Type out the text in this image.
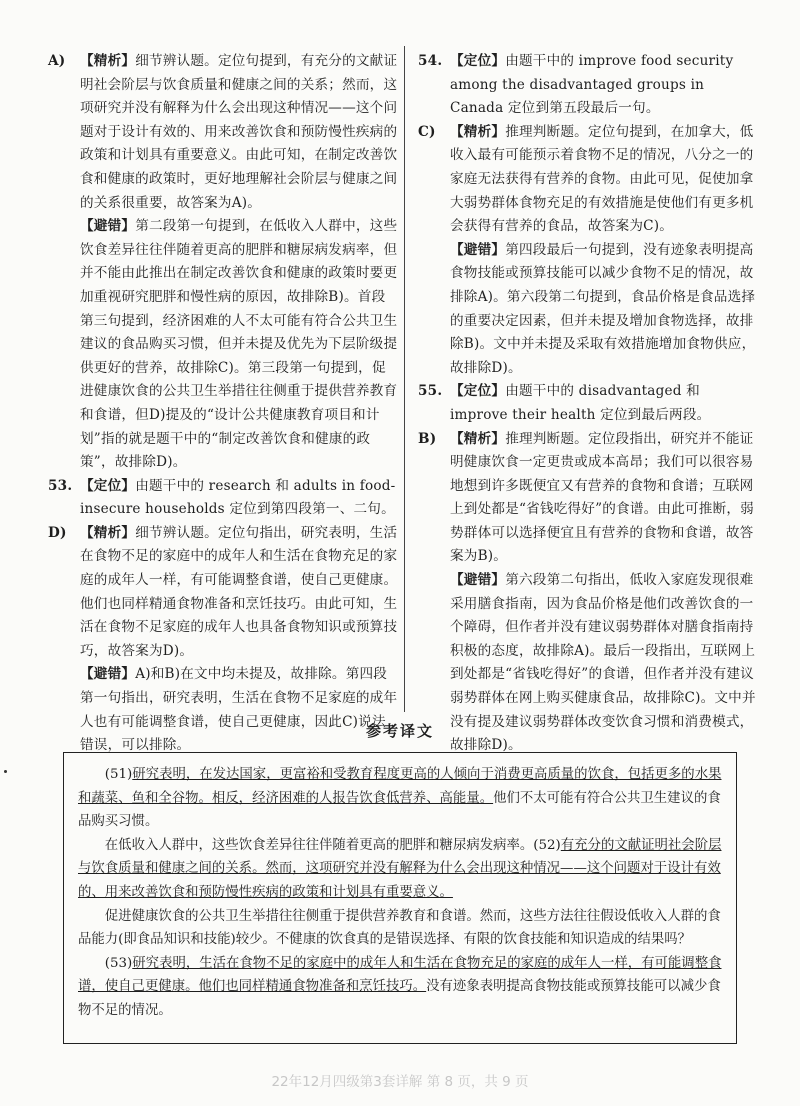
A) 【精析】细节辨认题。定位句提到，有充分的文献证明社会阶层与饮食质量和健康之间的关系；然而，这项研究并没有解释为什么会出现这种情况——这个问题对于设计有效的、用来改善饮食和预防慢性疾病的政策和计划具有重要意义。由此可知，在制定改善饮食和健康的政策时，更好地理解社会阶层与健康之间的关系很重要，故答案为A)。
【避错】第二段第一句提到，在低收入人群中，这些饮食差异往往伴随着更高的肥胖和糖尿病发病率，但并不能由此推出在制定改善饮食和健康的政策时要更加重视研究肥胖和慢性病的原因，故排除B)。首段第三句提到，经济困难的人不太可能有符合公共卫生建议的食品购买习惯，但并未提及优先为下层阶级提供更好的营养，故排除C)。第三段第一句提到，促进健康饮食的公共卫生举措往往侧重于提供营养教育和食谱，但D)提及的“设计公共健康教育项目和计划”指的就是题干中的“制定改善饮食和健康的政策”，故排除D)。
53. 【定位】由题干中的 research 和 adults in food-insecure households 定位到第四段第一、二句。
D) 【精析】细节辨认题。定位句指出，研究表明，生活在食物不足的家庭中的成年人和生活在食物充足的家庭的成年人一样，有可能调整食谱，使自己更健康。他们也同样精通食物准备和烹饪技巧。由此可知，生活在食物不足家庭的成年人也具备食物知识或预算技巧，故答案为D)。
【避错】A)和B)在文中均未提及，故排除。第四段第一句指出，研究表明，生活在食物不足家庭的成年人也有可能调整食谱，使自己更健康，因此C)说法错误，可以排除。
54. 【定位】由题干中的 improve food security among the disadvantaged groups in Canada 定位到第五段最后一句。
C) 【精析】推理判断题。定位句提到，在加拿大，低收入最有可能预示着食物不足的情况，八分之一的家庭无法获得有营养的食物。由此可见，促使加拿大弱势群体食物充足的有效措施是使他们有更多机会获得有营养的食品，故答案为C)。
【避错】第四段最后一句提到，没有迹象表明提高食物技能或预算技能可以减少食物不足的情况，故排除A)。第六段第二句提到，食品价格是食品选择的重要决定因素，但并未提及增加食物选择，故排除B)。文中并未提及采取有效措施增加食物供应，故排除D)。
55. 【定位】由题干中的 disadvantaged 和 improve their health 定位到最后两段。
B) 【精析】推理判断题。定位段指出，研究并不能证明健康饮食一定更贵或成本高昂；我们可以很容易地想到许多既便宜又有营养的食物和食谱；互联网上到处都是“省钱吃得好”的食谱。由此可推断，弱势群体可以选择便宜且有营养的食物和食谱，故答案为B)。
【避错】第六段第二句指出，低收入家庭发现很难采用膳食指南，因为食品价格是他们改善饮食的一个障碍，但作者并没有建议弱势群体对膳食指南持积极的态度，故排除A)。最后一段指出，互联网上到处都是“省钱吃得好”的食谱，但作者并没有建议弱势群体在网上购买健康食品，故排除C)。文中并没有提及建议弱势群体改变饮食习惯和消费模式，故排除D)。
参考译文

(51)研究表明，在发达国家，更富裕和受教育程度更高的人倾向于消费更高质量的饮食，包括更多的水果和蔬菜、鱼和全谷物。相反，经济困难的人报告饮食低营养、高能量。他们不太可能有符合公共卫生建议的食品购买习惯。

在低收入人群中，这些饮食差异往往伴随着更高的肥胖和糖尿病发病率。(52)有充分的文献证明社会阶层与饮食质量和健康之间的关系。然而，这项研究并没有解释为什么会出现这种情况——这个问题对于设计有效的、用来改善饮食和预防慢性疾病的政策和计划具有重要意义。

促进健康饮食的公共卫生举措往往侧重于提供营养教育和食谱。然而，这些方法往往假设低收入人群的食品能力(即食品知识和技能)较少。不健康的饮食真的是错误选择、有限的饮食技能和知识造成的结果吗？

(53)研究表明，生活在食物不足的家庭中的成年人和生活在食物充足的家庭的成年人一样，有可能调整食谱，使自己更健康。他们也同样精通食物准备和烹饪技巧。没有迹象表明提高食物技能或预算技能可以减少食物不足的情况。

22年12月四级第3套详解 第 8 页，共 9 页
